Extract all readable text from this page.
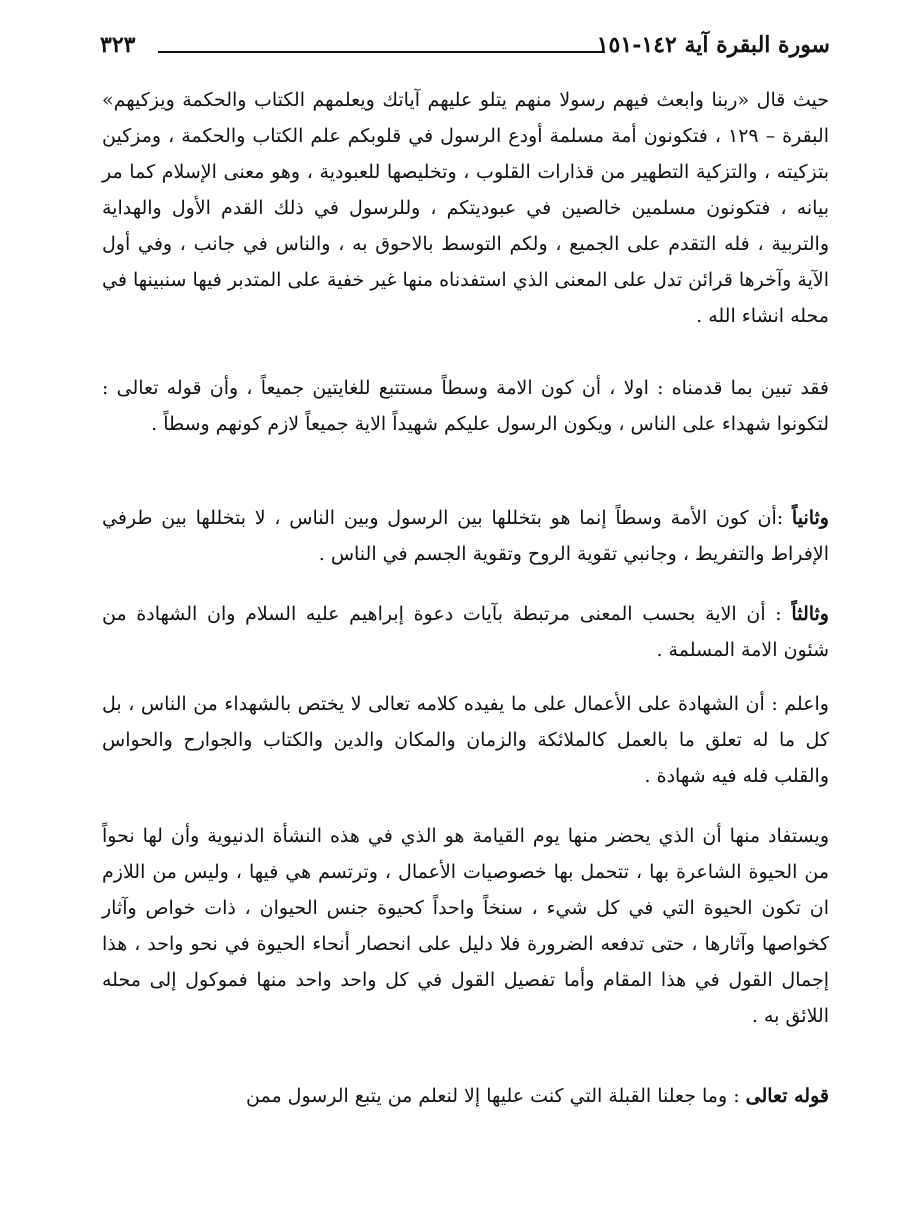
سورة البقرة آية ١٤٢-١٥١
٣٢٣

حيث قال «ربنا وابعث فيهم رسولا منهم يتلو عليهم آياتك ويعلمهم الكتاب والحكمة ويزكيهم» البقرة – ١٢٩ ، فتكونون أمة مسلمة أودع الرسول في قلوبكم علم الكتاب والحكمة ، ومزكين بتزكيته ، والتزكية التطهير من قذارات القلوب ، وتخليصها للعبودية ، وهو معنى الإسلام كما مر بيانه ، فتكونون مسلمين خالصين في عبوديتكم ، وللرسول في ذلك القدم الأول والهداية والتربية ، فله التقدم على الجميع ، ولكم التوسط بالاحوق به ، والناس في جانب ، وفي أول الآية وآخرها قرائن تدل على المعنى الذي استفدناه منها غير خفية على المتدبر فيها سنبينها في محله انشاء الله .

فقد تبين بما قدمناه : اولا ، أن كون الامة وسطاً مستتبع للغايتين جميعاً ، وأن قوله تعالى : لتكونوا شهداء على الناس ، ويكون الرسول عليكم شهيداً الاية جميعاً لازم كونهم وسطاً .

وثانياً :أن كون الأمة وسطاً إنما هو بتخللها بين الرسول وبين الناس ، لا بتخللها بين طرفي الإفراط والتفريط ، وجانبي تقوية الروح وتقوية الجسم في الناس .

وثالثاً : أن الاية بحسب المعنى مرتبطة بآيات دعوة إبراهيم عليه السلام وان الشهادة من شئون الامة المسلمة .

واعلم : أن الشهادة على الأعمال على ما يفيده كلامه تعالى لا يختص بالشهداء من الناس ، بل كل ما له تعلق ما بالعمل كالملائكة والزمان والمكان والدين والكتاب والجوارح والحواس والقلب فله فيه شهادة .

ويستفاد منها أن الذي يحضر منها يوم القيامة هو الذي في هذه النشأة الدنيوية وأن لها نحواً من الحيوة الشاعرة بها ، تتحمل بها خصوصيات الأعمال ، وترتسم هي فيها ، وليس من اللازم ان تكون الحيوة التي في كل شيء ، سنخاً واحداً كحيوة جنس الحيوان ، ذات خواص وآثار كخواصها وآثارها ، حتى تدفعه الضرورة فلا دليل على انحصار أنحاء الحيوة في نحو واحد ، هذا إجمال القول في هذا المقام وأما تفصيل القول في كل واحد واحد منها فموكول إلى محله اللائق به .

قوله تعالى : وما جعلنا القبلة التي كنت عليها إلا لنعلم من يتبع الرسول ممن
